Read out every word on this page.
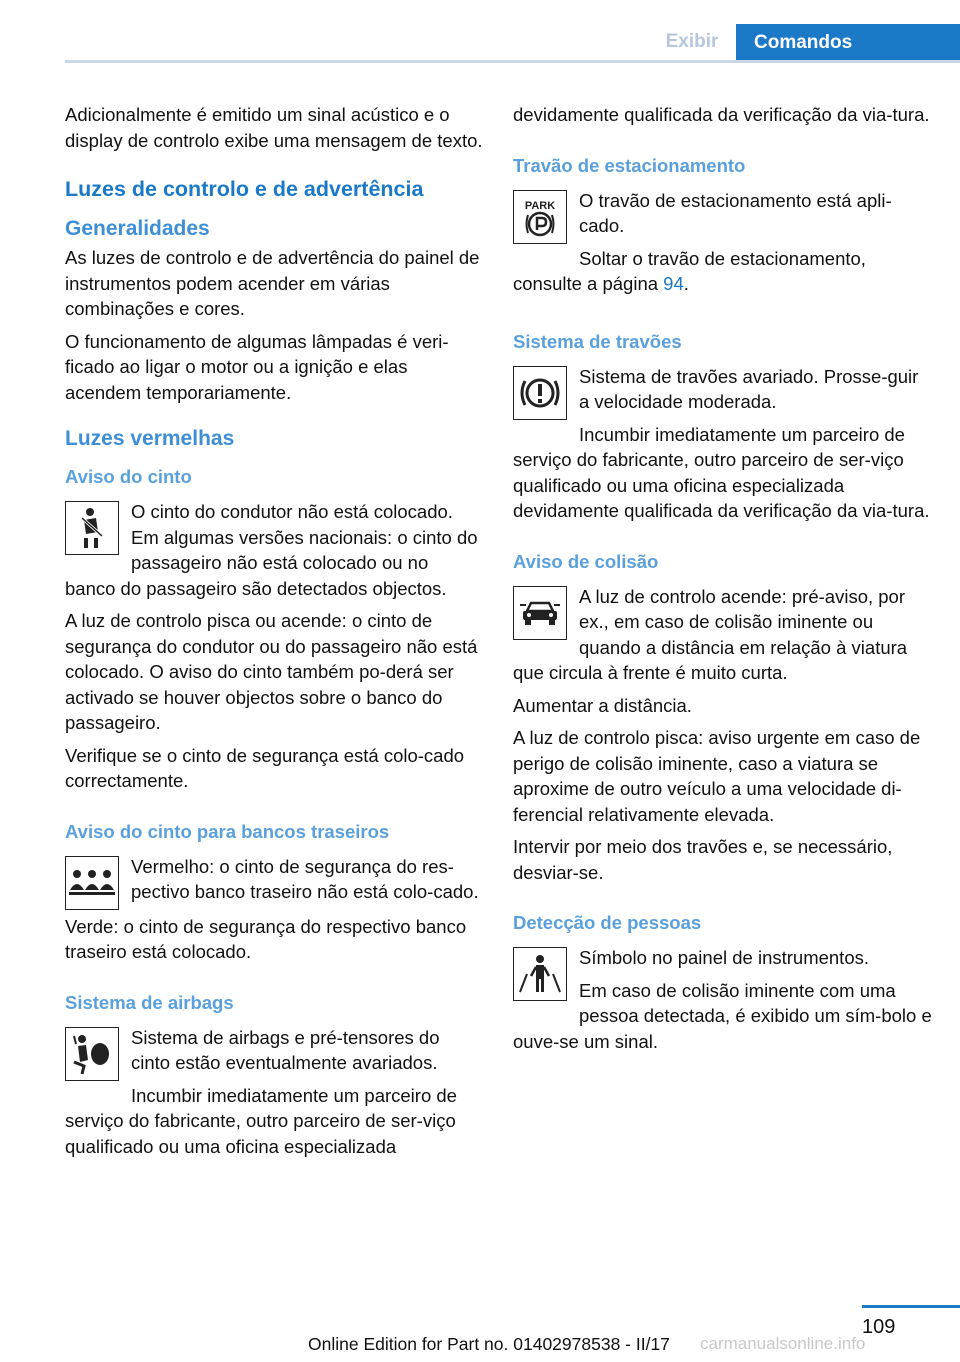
Exibir	Comandos

Adicionalmente é emitido um sinal acústico e o display de controlo exibe uma mensagem de texto.

Luzes de controlo e de advertência
Generalidades

As luzes de controlo e de advertência do painel de instrumentos podem acender em várias combinações e cores.

O funcionamento de algumas lâmpadas é veri‐ficado ao ligar o motor ou a ignição e elas acendem temporariamente.

Luzes vermelhas
Aviso do cinto

O cinto do condutor não está colocado. Em algumas versões nacionais: o cinto do passageiro não está colocado ou no banco do passageiro são detectados objectos.

A luz de controlo pisca ou acende: o cinto de segurança do condutor ou do passageiro não está colocado. O aviso do cinto também po‐derá ser activado se houver objectos sobre o banco do passageiro.

Verifique se o cinto de segurança está colo‐cado correctamente.

Aviso do cinto para bancos traseiros

Vermelho: o cinto de segurança do res‐pectivo banco traseiro não está colo‐cado.

Verde: o cinto de segurança do respectivo banco traseiro está colocado.

Sistema de airbags

Sistema de airbags e pré-tensores do cinto estão eventualmente avariados.

Incumbir imediatamente um parceiro de serviço do fabricante, outro parceiro de ser‐viço qualificado ou uma oficina especializada

devidamente qualificada da verificação da via‐tura.

Travão de estacionamento
PARK	O travão de estacionamento está apli‐cado.

Soltar o travão de estacionamento, consulte a página 94.

Sistema de travões

Sistema de travões avariado. Prosse‐guir a velocidade moderada.

Incumbir imediatamente um parceiro de serviço do fabricante, outro parceiro de ser‐viço qualificado ou uma oficina especializada devidamente qualificada da verificação da via‐tura.

Aviso de colisão

A luz de controlo acende: pré-aviso, por ex., em caso de colisão iminente ou quando a distância em relação à viatura que circula à frente é muito curta.

Aumentar a distância.

A luz de controlo pisca: aviso urgente em caso de perigo de colisão iminente, caso a viatura se aproxime de outro veículo a uma velocidade di‐ferencial relativamente elevada.

Intervir por meio dos travões e, se necessário, desviar-se.

Detecção de pessoas

Símbolo no painel de instrumentos.

Em caso de colisão iminente com uma pessoa detectada, é exibido um sím‐bolo e ouve-se um sinal.

109
Online Edition for Part no. 01402978538 - II/17 carmanualsonline.info
